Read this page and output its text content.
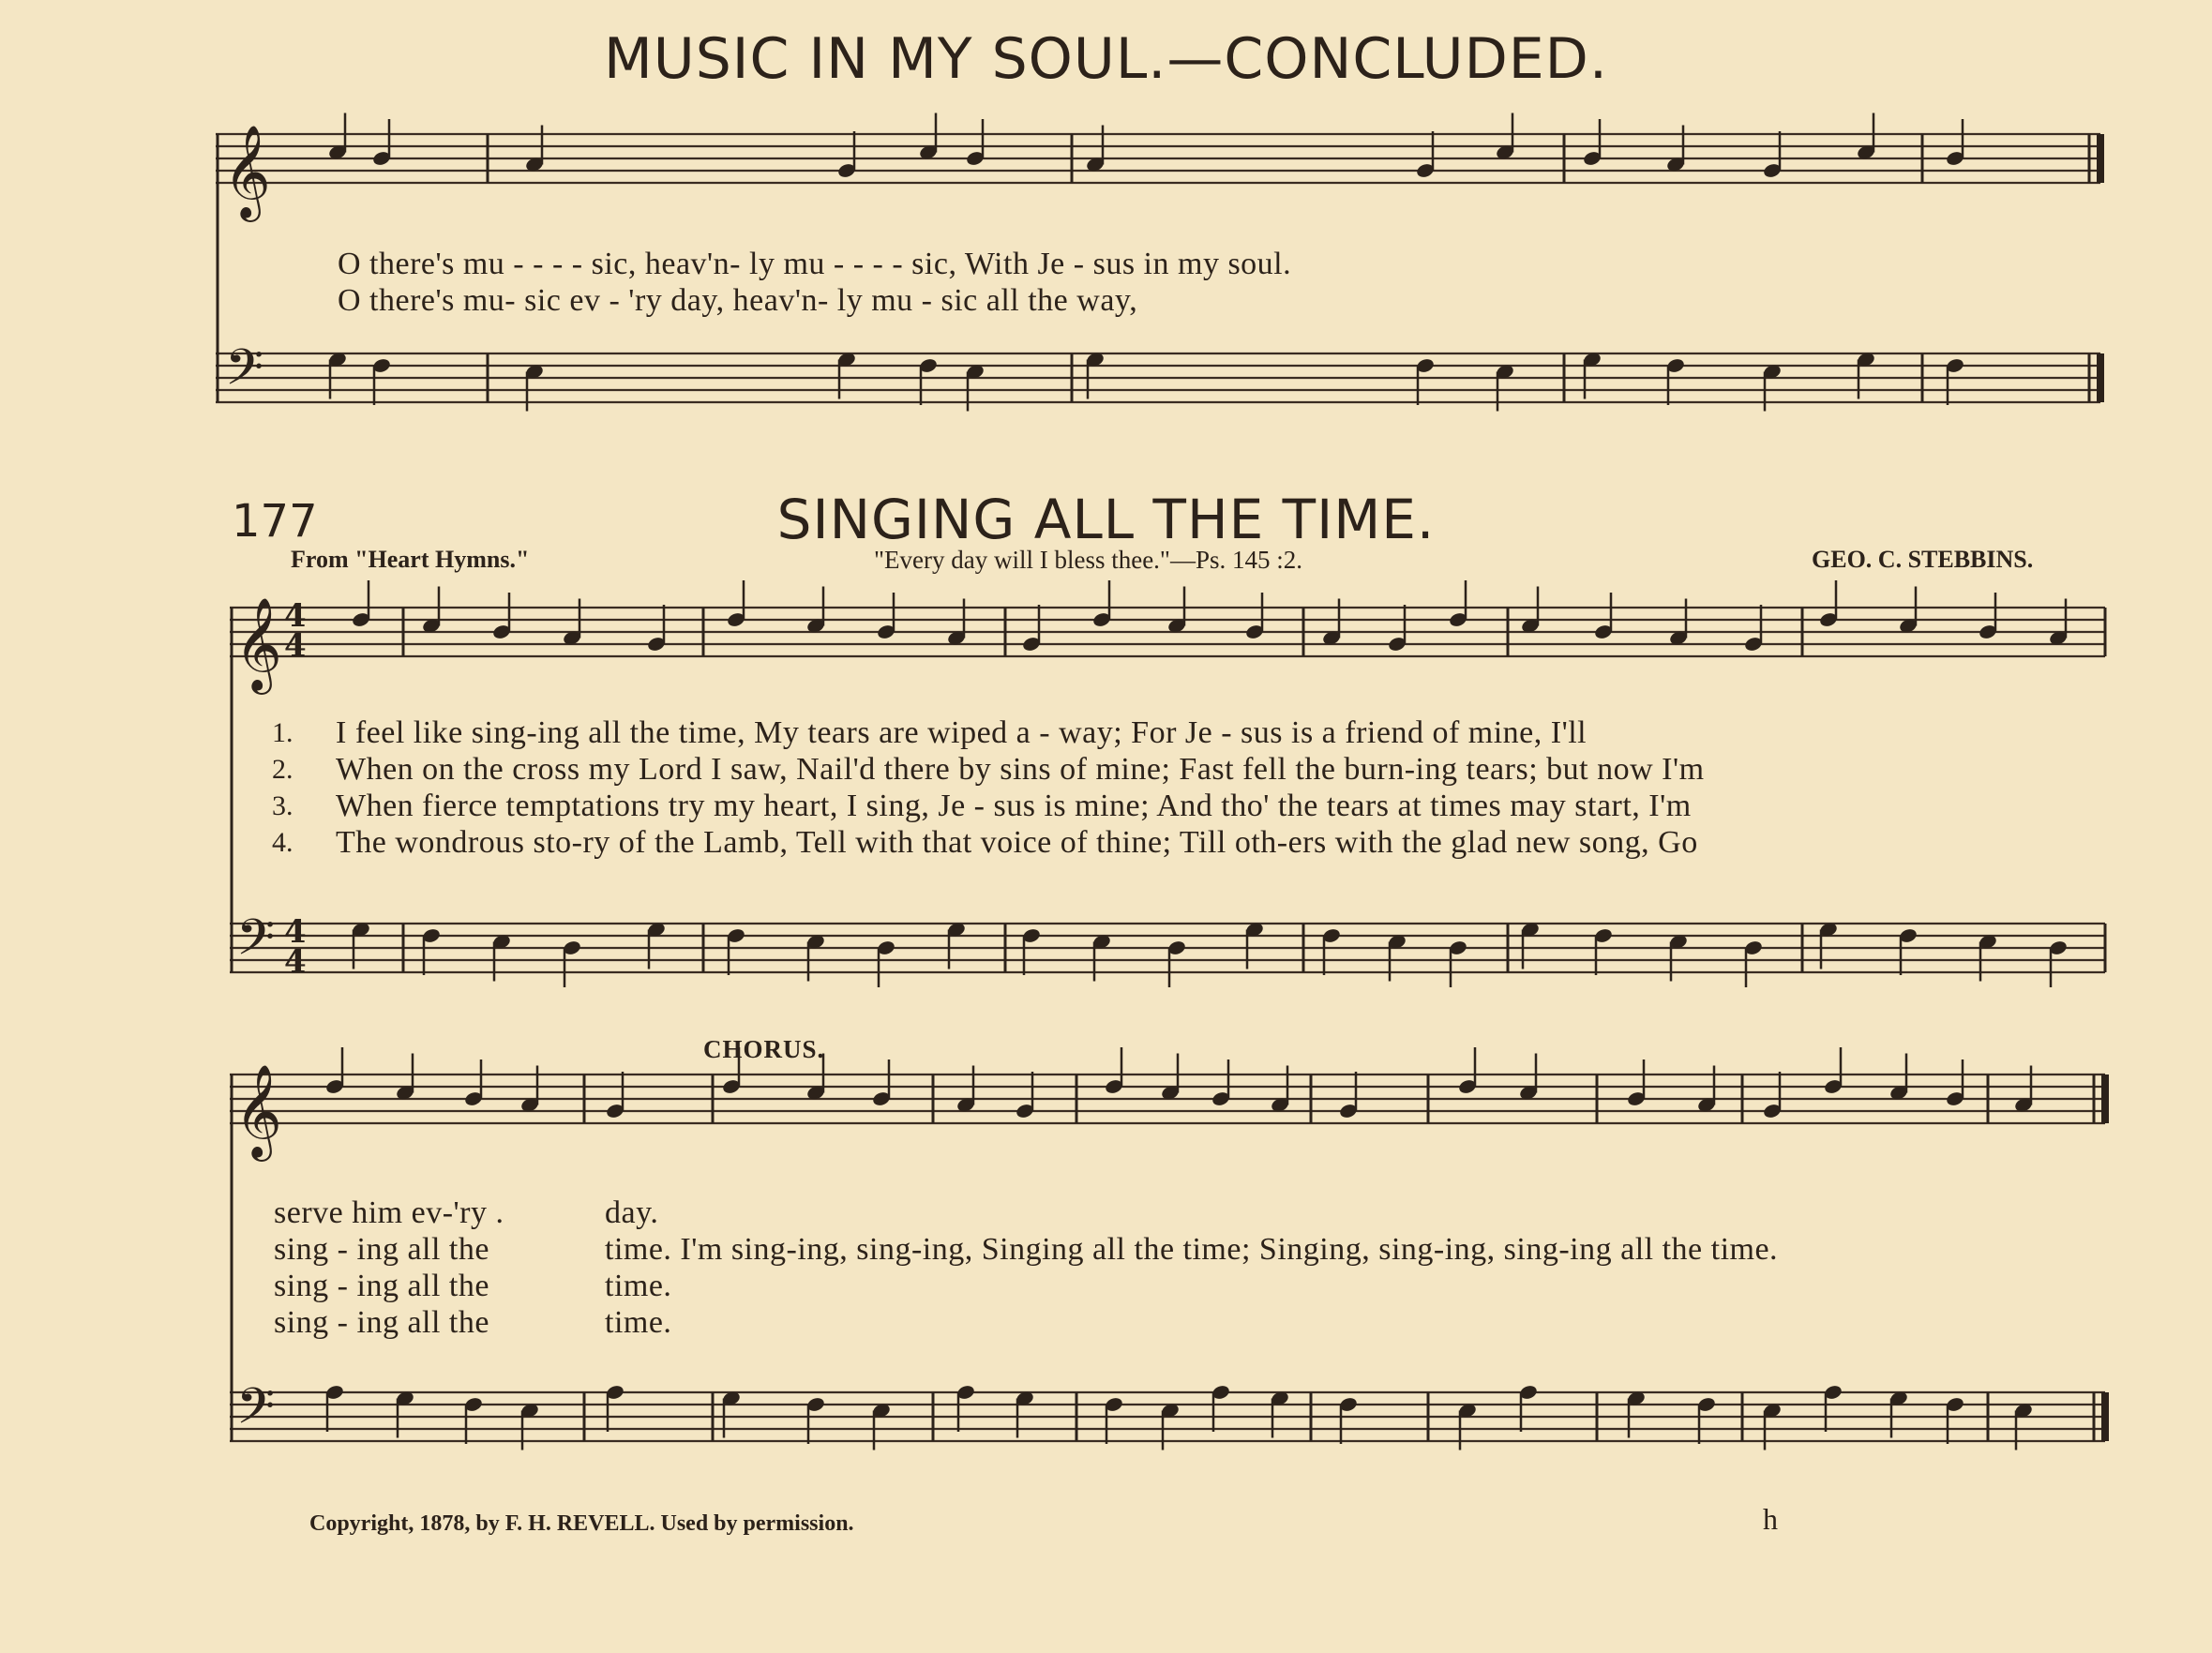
𝄞
𝄢
𝄞
𝄢
4
4
4
4
𝄞
𝄢
MUSIC IN MY SOUL.—CONCLUDED.
O there's mu - - - - sic, heav'n- ly mu - - - - sic, With Je - sus in my soul.
O there's mu- sic ev - 'ry day, heav'n- ly mu - sic all the way,
177	SINGING ALL THE TIME.
From "Heart Hymns."	"Every day will I bless thee."—Ps. 145 :2.	GEO. C. STEBBINS.
1. I feel like sing-ing all the time, My tears are wiped a - way; For Je - sus is a friend of mine, I'll
2. When on the cross my Lord I saw, Nail'd there by sins of mine; Fast fell the burn-ing tears; but now I'm
3. When fierce temptations try my heart, I sing, Je - sus is mine; And tho' the tears at times may start, I'm
4. The wondrous sto-ry of the Lamb, Tell with that voice of thine; Till oth-ers with the glad new song, Go
CHORUS.
serve him ev-'ry .	day.
sing - ing all the	time. I'm sing-ing, sing-ing, Singing all the time; Singing, sing-ing, sing-ing all the time.
sing - ing all the	time.
sing - ing all the	time.
Copyright, 1878, by F. H. REVELL. Used by permission.	h
